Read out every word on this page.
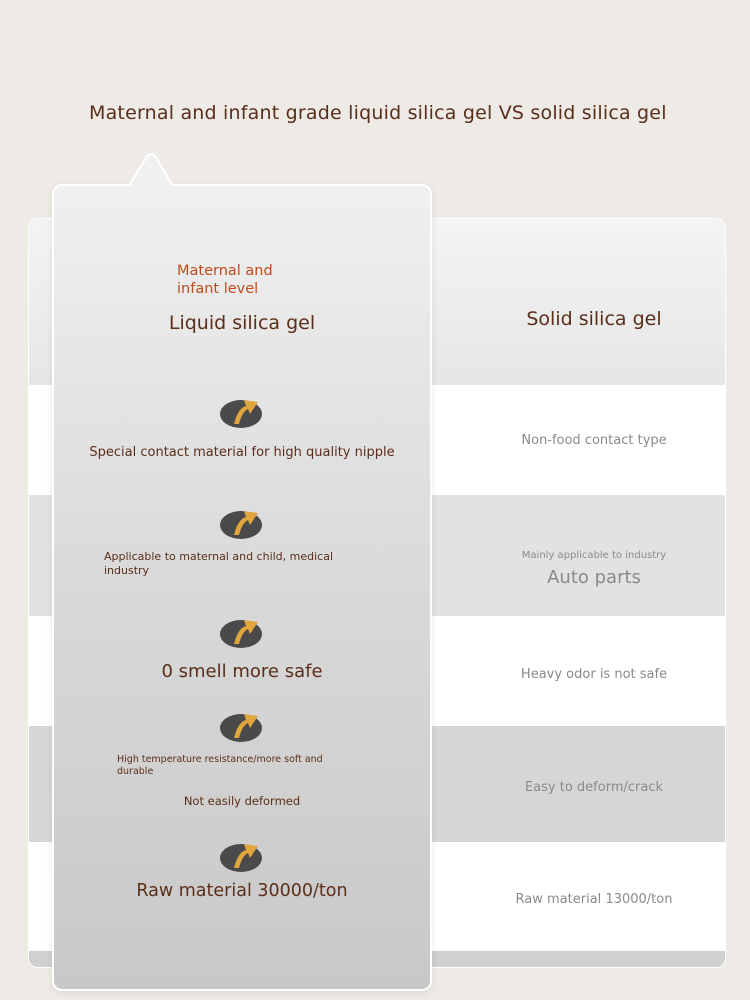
Maternal and infant grade liquid silica gel VS solid silica gel
Solid silica gel
Non-food contact type
Mainly applicable to industry
Auto parts
Heavy odor is not safe
Easy to deform/crack
Raw material 13000/ton
Maternal and
infant level
Liquid silica gel
Special contact material for high quality nipple
Applicable to maternal and child, medical industry
0 smell more safe
High temperature resistance/more soft and durable
Not easily deformed
Raw material 30000/ton
